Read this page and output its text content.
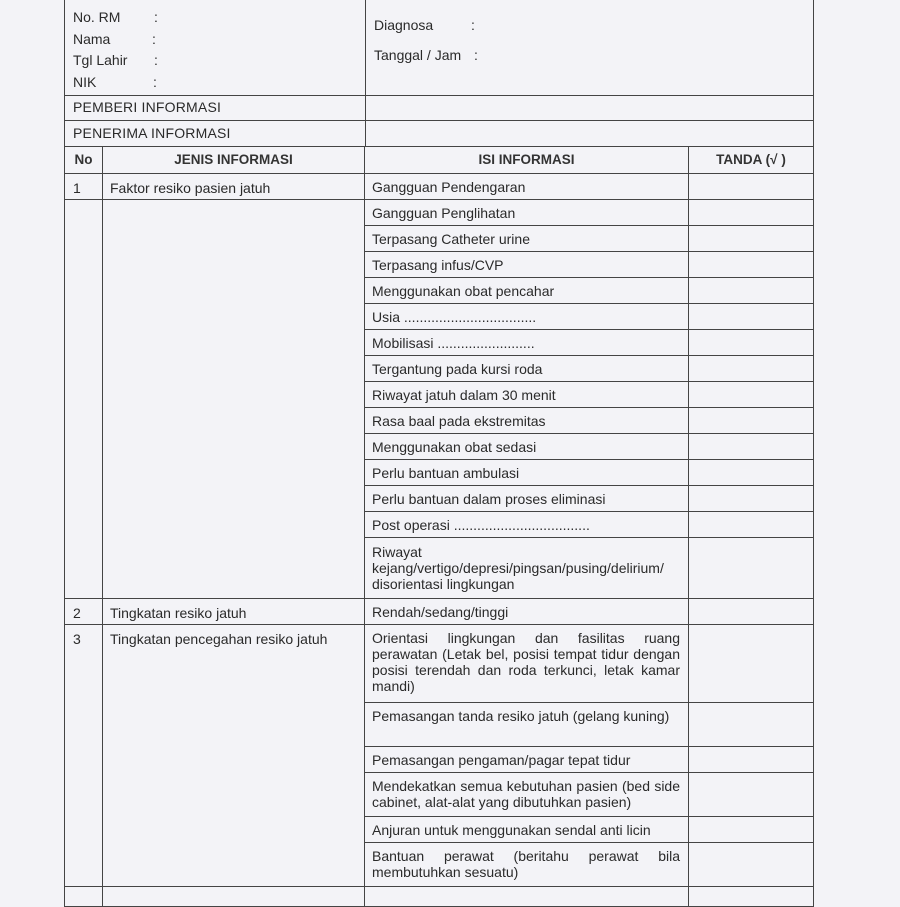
No. RM :
Nama	:
Tgl Lahir :
NIK	:
Diagnosa	:
Tanggal / Jam :
PEMBERI INFORMASI
PENERIMA INFORMASI
No	JENIS INFORMASI	ISI INFORMASI	TANDA (√ )
1	Faktor resiko pasien jatuh	Gangguan Pendengaran	
		Gangguan Penglihatan	
		Terpasang Catheter urine	
		Terpasang infus/CVP	
		Menggunakan obat pencahar	
		Usia ..................................	
		Mobilisasi .........................	
		Tergantung pada kursi roda	
		Riwayat jatuh dalam 30 menit	
		Rasa baal pada ekstremitas	
		Menggunakan obat sedasi	
		Perlu bantuan ambulasi	
		Perlu bantuan dalam proses eliminasi	
		Post operasi ...................................	
		Riwayat kejang/vertigo/depresi/pingsan/pusing/delirium/ disorientasi lingkungan	
2	Tingkatan resiko jatuh	Rendah/sedang/tinggi	
3	Tingkatan pencegahan resiko jatuh	Orientasi lingkungan dan fasilitas ruang perawatan (Letak bel, posisi tempat tidur dengan posisi terendah dan roda terkunci, letak kamar mandi)	
		Pemasangan tanda resiko jatuh (gelang kuning)	
		Pemasangan pengaman/pagar tepat tidur	
		Mendekatkan semua kebutuhan pasien (bed side cabinet, alat-alat yang dibutuhkan pasien)	
		Anjuran untuk menggunakan sendal anti licin	
		Bantuan perawat (beritahu perawat bila membutuhkan sesuatu)	
